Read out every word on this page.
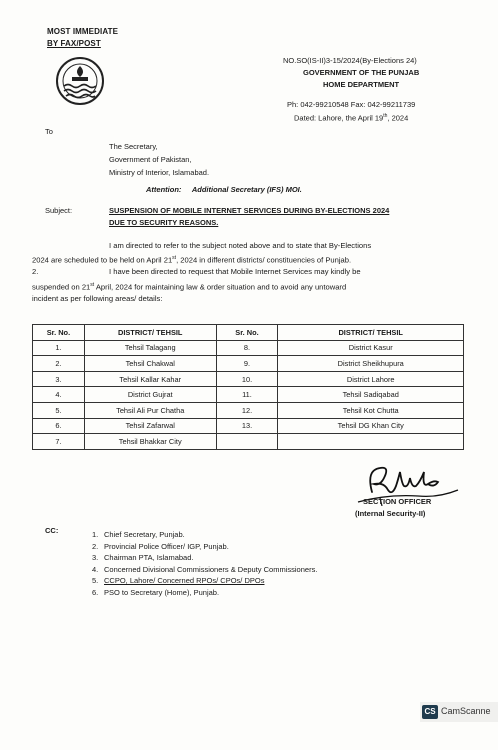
MOST IMMEDIATE
BY FAX/POST
NO.SO(IS-II)3-15/2024(By-Elections 24)
GOVERNMENT OF THE PUNJAB
HOME DEPARTMENT
Ph: 042-99210548 Fax: 042-99211739
Dated: Lahore, the April 19th, 2024
To
The Secretary,
Government of Pakistan,
Ministry of Interior, Islamabad.
Attention: Additional Secretary (IFS) MOI.
Subject:	SUSPENSION OF MOBILE INTERNET SERVICES DURING BY-ELECTIONS 2024
DUE TO SECURITY REASONS.
I am directed to refer to the subject noted above and to state that By-Elections
2024 are scheduled to be held on April 21st, 2024 in different districts/ constituencies of Punjab.
2.	I have been directed to request that Mobile Internet Services may kindly be
suspended on 21st April, 2024 for maintaining law & order situation and to avoid any untoward
incident as per following areas/ details:
Sr. No.	DISTRICT/ TEHSIL	Sr. No.	DISTRICT/ TEHSIL
1.	Tehsil Talagang	8.	District Kasur
2.	Tehsil Chakwal	9.	District Sheikhupura
3.	Tehsil Kallar Kahar	10.	District Lahore
4.	District Gujrat	11.	Tehsil Sadiqabad
5.	Tehsil Ali Pur Chatha	12.	Tehsil Kot Chutta
6.	Tehsil Zafarwal	13.	Tehsil DG Khan City
7.	Tehsil Bhakkar City		
SECTION OFFICER
(Internal Security-II)
CC:	1. Chief Secretary, Punjab.
2. Provincial Police Officer/ IGP, Punjab.
3. Chairman PTA, Islamabad.
4. Concerned Divisional Commissioners & Deputy Commissioners.
5. CCPO, Lahore/ Concerned RPOs/ CPOs/ DPOs
6. PSO to Secretary (Home), Punjab.
CS CamScanne
